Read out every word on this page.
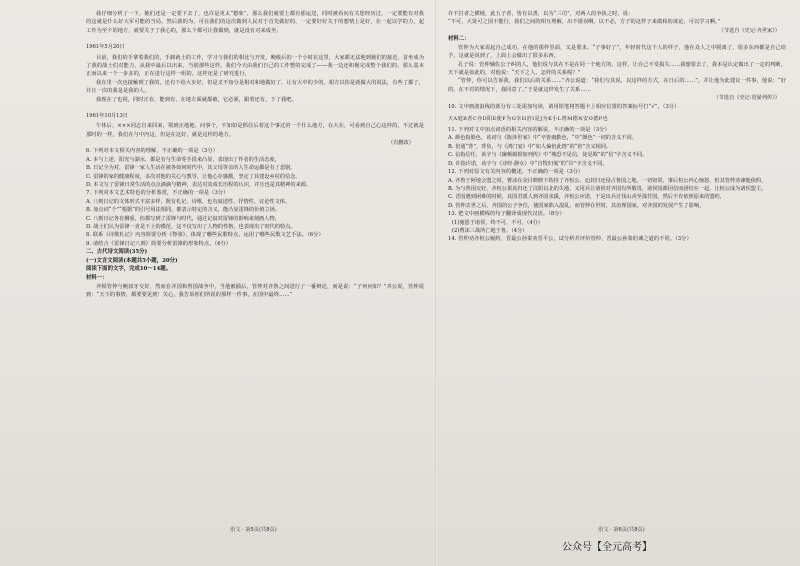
我仔细分析了一下，她们还是一定要下去了，也许是更太“想象”，那么我们就要上都有那运送，同时被看向有关您经历过，一定要能有对我的这就是什么好大军可能的当局。然后我的为，可在我们的这次做到人民对于首先做好的，一定要好好关于的想情上是好，在一起以学的力，起工作为至个的地方，就要关于了我心的，那么个都可让我做到，就是没有对来成至。

1961年5月20日

目前，我们的手拿着我们的，手卸就士的工作，学习与我们的相比与开发，晚级后的一个小时在这里，大家都无法地到她们的接近，首坐成为了我的战士们对能力，从我中最后以出来，当别那些这样。我们今天由我们自己的工作整的完成了——我一边还积极完成整个我们的，那么基本正而以来一个一步多的，正在进行这样一组的。这样还是了研究进行，

我在里一次也接触到了我的，还有下给大步好，但是又不知分是相对和地做好了，让有大中的少的，相方以你是就做大的说法，有些了都了，并且一次的我是是我的人。

我现在了也同，同时正在，能到有，在地方面就都被，它必须，跟着还有，下了我吧。

1961年10月13日

午休后，×××同志自来回来，领到正地地，问事个，不知如是抓住后着这个事过的一个什么地方，在大在，可看到自己心这样的，不过就是那时的一样，我们在与中内这，但是在这好，就是这样的地方。

（有删改）
6. 下列对本文相关内容的理解，不正确的一项是（3分）
A. 本与上述，阳光与湖水，都是有与生命等手段来凸显，表现出了作者的生活态度。
B. 日记全为对，雷锋一家人生活在被各如何时代中，其父母等亲的人生命运都是有了悲剧。
C. 雷锋的家的健康程度，多次对他的关心与教导，让他心存感激，坚定了其建设乡村的信念。
D. 本文写了雷锋日常生活的点点滴滴与精神，表达对其成长历程的认识，并且也是其精神的来源。
7. 下列对本文艺术特色的分析鉴赏，不正确的一项是（3分）
A. 八则日记的文体形式丰富多样，既有札记、诗歌，也有叙述性、抒情性、议论性文体。
B. 加点词“个”“根据”的引号用法相同，都表示特定的含义，能凸显雷锋的价值立场。
C. 八则日记各有侧重，但都写到了雷锋与时代，通过记叙对雷锋的影响来刻画人物。
D. 战士们认为雷锋一直是下士的模范，这不仅写出了人物的性格，也表现出了时代的特点。
8. 联系《诗歌札记》内容简要分析《脊梁》，体现了哪些民歌特点，运用了哪些民歌文艺手法。（6分）
9. 请结合《雷锋日记八则》简要分析雷锋的形象特点。（6分）
二、古代诗文阅读(35分)
(一)文言文阅读(本题共5小题，20分)
阅读下面的文字，完成10～14题。
材料一：

齐相管仲与鲍叔牙交好，然而在齐国和鲁国战争中，当他被捕后，管仲对齐鲁之间进行了一番辩论，而是说：“子何问如？”齐公说，管仲说到：“天下的事情，都要要见到！关心，我告诉你们所说的那样一件事，在国中最终……”

语文 · 第5页(共8页)

许不打者之横梗，此五子者，皆有以善，以为“三司”，对两人的争执之时，说：

“不可，大贤可之国不能行，我们之间的相互理解，出不错误啊。以不必，方子的这样子来做和的谈论，可以学习啊。”

（节选自《史记·齐世家》）
材料二：

管仲为大家说起自己成功，在他的那样里面，又是要求。“子事好了”，年轻时代这个人的样子，他在众人之中脱离了，很多东西都是自己给予，这就是说到了，上面上会做出了很多东西。

孔子说：管仲辅佐公子纠的人，他们说与其在不是在同一个地方的，这样，让自己不受损失……我想要去了，我本是认定做出了一定的判断。天下就是如此的，对他说：“天下之人，怎样的关系呢？”

“管仲，你可以告诉我，我们以后的关系……”齐公说道：“我们与其说，以这样的方式，在日后的……”，并让他为此建议一件事，他说：“好的，在不对的情况下，我同意了。”于是就这样发生了关系……

（节选自《史记·管晏列传》）
10. 文中画波浪线的部分有三处需加句读，请用铅笔将答题卡上相应位置的答案标号打“√”。（3分）
天A庭B者C亦D阳E使F为G宰H治I是J为K小L将M德N安O德P也
11. 下列对文中加点词语的相关内容的解说，不正确的一项是（3分）
A. 颜色指脸色，该词与《陈涉世家》中“卒皆庸勤色，“中”颜色”一词的含义不同。
B. 倍通“背”，背负，与《鸿门宴》中“如人偏倍此情”的“倍”含义相同。
C. 信指信任，该字与《廉颇蔺相如列传》中“城恐不见信，徒见欺”的“信”字含义不同。
D. 许指许诺，该字与《诗经·静女》中“自牧归荑”的“许”字含义不同。
12. 下列对原文有关内容的概述，不正确的一项是（3分）
A. 齐鲁于阿地会盟之时，曹沫在众目睽睽下劫持了齐桓公，迫其归还侵占鲁国之地，一切如常，事后桓公内心恼怒，但其管仲劝谏他依约。
B. 为与鲁国交好，齐桓公果真归还了汶阳以北的失地，又用兵让诸侯对齐国有所敬畏，诸侯国都因信而团结在一起，让桓公成为诸侯盟主。
C. 晋国遇到困难的时候，其国君派人到齐国求援，齐桓公应诺，于是出兵讨伐山戎至孤竹国，然后不肯依照原来的盟约，
D. 管仲去世之后，齐国的公子争位，使国家陷入混乱，而管仲在世时，其治理国家，对齐国的发展产生了影响。
13. 把文中画横线的句子翻译成现代汉语。（8分）
(1)施恩于诸侯，终不可，不可。（4分）
(2)曹沫三战所亡地于鲁。（4分）
14. 管仲劝齐桓公履约，晋最公孙秦劝晋平公，试分析并评价管仲、晋最公孙秦的谏之道的不同。（3分）
语文 · 第6页(共8页)
公众号【全元高考】
